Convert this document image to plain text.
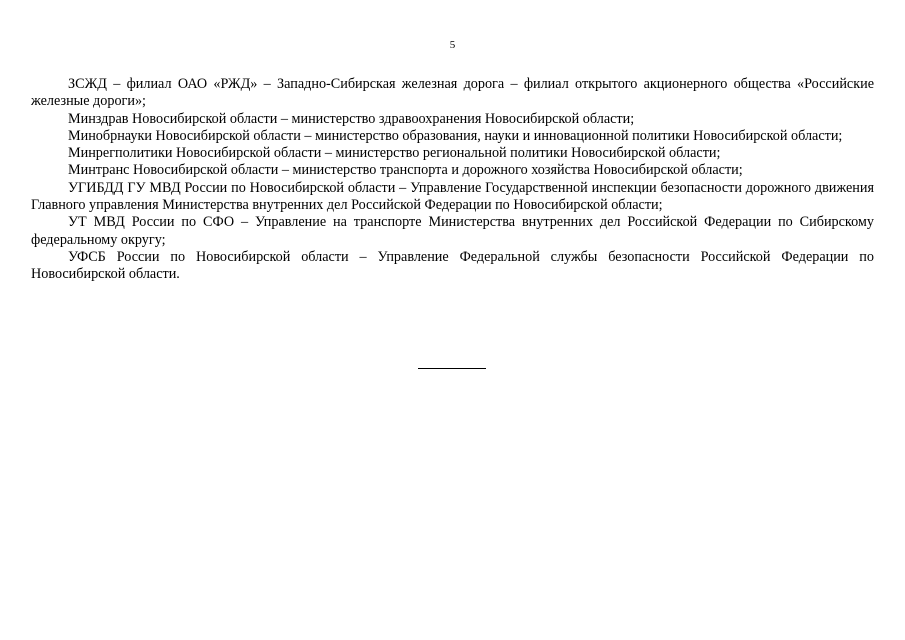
5

ЗСЖД – филиал ОАО «РЖД» – Западно-Сибирская железная дорога – филиал открытого акционерного общества «Российские железные дороги»;

Минздрав Новосибирской области – министерство здравоохранения Новосибирской области;

Минобрнауки Новосибирской области – министерство образования, науки и инновационной политики Новосибирской области;

Минрегполитики Новосибирской области – министерство региональной политики Новосибирской области;

Минтранс Новосибирской области – министерство транспорта и дорожного хозяйства Новосибирской области;

УГИБДД ГУ МВД России по Новосибирской области – Управление Государственной инспекции безопасности дорожного движения Главного управления Министерства внутренних дел Российской Федерации по Новосибирской области;

УТ МВД России по СФО – Управление на транспорте Министерства внутренних дел Российской Федерации по Сибирскому федеральному округу;

УФСБ России по Новосибирской области – Управление Федеральной службы безопасности Российской Федерации по Новосибирской области.
